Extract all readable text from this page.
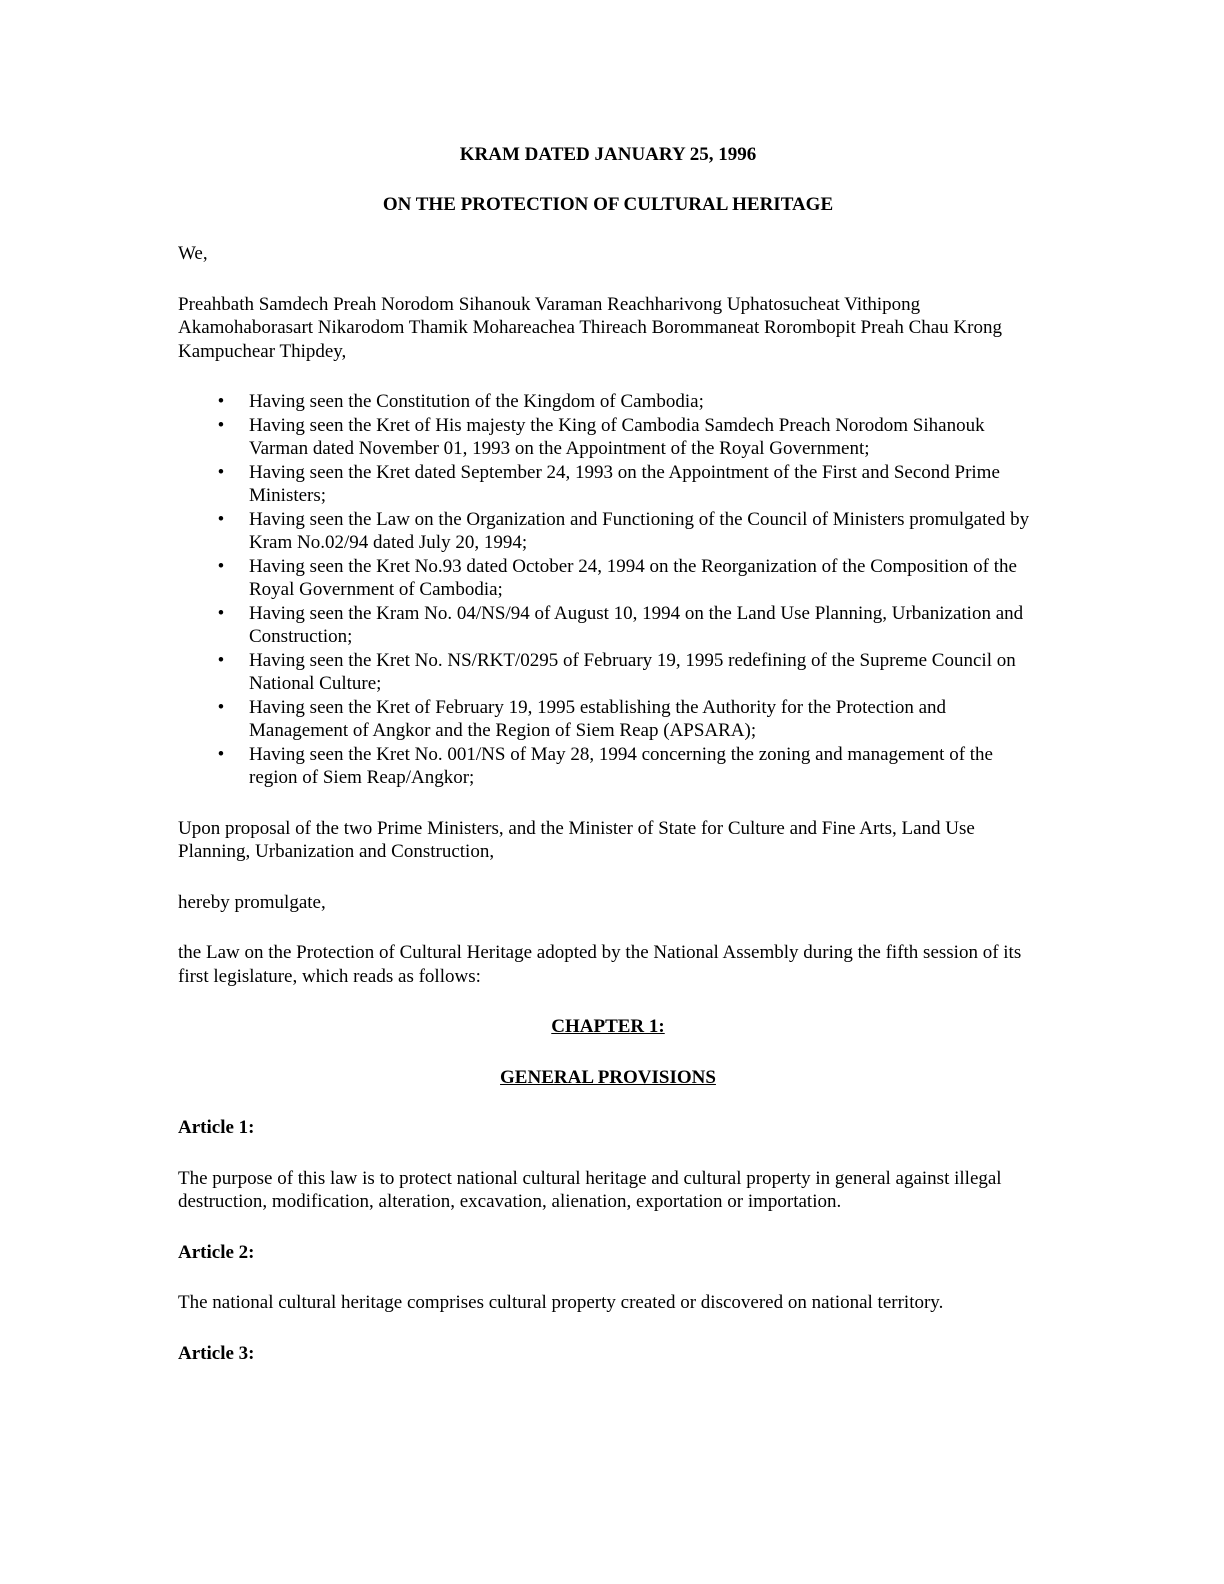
KRAM DATED JANUARY 25, 1996

ON THE PROTECTION OF CULTURAL HERITAGE

We,

Preahbath Samdech Preah Norodom Sihanouk Varaman Reachharivong Uphatosucheat Vithipong Akamohaborasart Nikarodom Thamik Mohareachea Thireach Borommaneat Rorombopit Preah Chau Krong Kampuchear Thipdey,

• Having seen the Constitution of the Kingdom of Cambodia;
• Having seen the Kret of His majesty the King of Cambodia Samdech Preach Norodom Sihanouk Varman dated November 01, 1993 on the Appointment of the Royal Government;
• Having seen the Kret dated September 24, 1993 on the Appointment of the First and Second Prime Ministers;
• Having seen the Law on the Organization and Functioning of the Council of Ministers promulgated by Kram No.02/94 dated July 20, 1994;
• Having seen the Kret No.93 dated October 24, 1994 on the Reorganization of the Composition of the Royal Government of Cambodia;
• Having seen the Kram No. 04/NS/94 of August 10, 1994 on the Land Use Planning, Urbanization and Construction;
• Having seen the Kret No. NS/RKT/0295 of February 19, 1995 redefining of the Supreme Council on National Culture;
• Having seen the Kret of February 19, 1995 establishing the Authority for the Protection and Management of Angkor and the Region of Siem Reap (APSARA);
• Having seen the Kret No. 001/NS of May 28, 1994 concerning the zoning and management of the region of Siem Reap/Angkor;

Upon proposal of the two Prime Ministers, and the Minister of State for Culture and Fine Arts, Land Use Planning, Urbanization and Construction,

hereby promulgate,

the Law on the Protection of Cultural Heritage adopted by the National Assembly during the fifth session of its first legislature, which reads as follows:

CHAPTER 1:

GENERAL PROVISIONS

Article 1:

The purpose of this law is to protect national cultural heritage and cultural property in general against illegal destruction, modification, alteration, excavation, alienation, exportation or importation.

Article 2:

The national cultural heritage comprises cultural property created or discovered on national territory.

Article 3:
